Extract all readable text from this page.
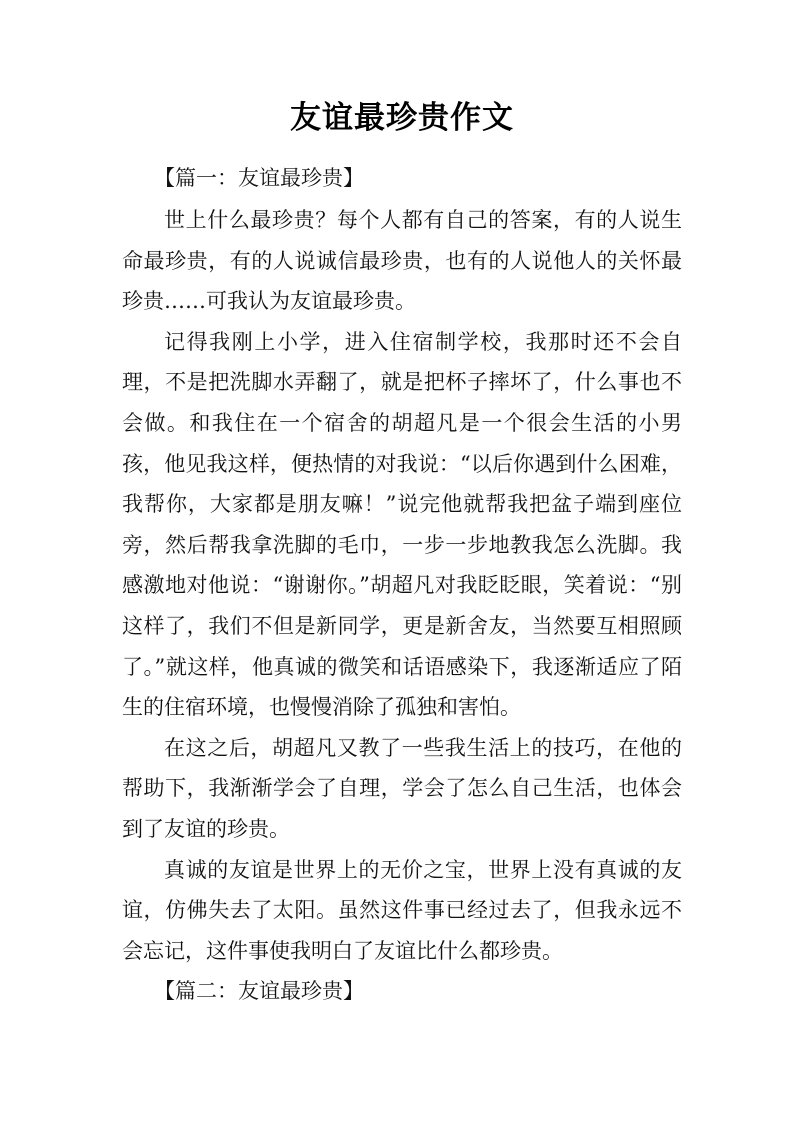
友谊最珍贵作文

【篇一：友谊最珍贵】

世上什么最珍贵？每个人都有自己的答案，有的人说生命最珍贵，有的人说诚信最珍贵，也有的人说他人的关怀最珍贵……可我认为友谊最珍贵。

记得我刚上小学，进入住宿制学校，我那时还不会自理，不是把洗脚水弄翻了，就是把杯子摔坏了，什么事也不会做。和我住在一个宿舍的胡超凡是一个很会生活的小男孩，他见我这样，便热情的对我说：“以后你遇到什么困难，我帮你，大家都是朋友嘛！”说完他就帮我把盆子端到座位旁，然后帮我拿洗脚的毛巾，一步一步地教我怎么洗脚。我感激地对他说：“谢谢你。”胡超凡对我眨眨眼，笑着说：“别这样了，我们不但是新同学，更是新舍友，当然要互相照顾了。”就这样，他真诚的微笑和话语感染下，我逐渐适应了陌生的住宿环境，也慢慢消除了孤独和害怕。

在这之后，胡超凡又教了一些我生活上的技巧，在他的帮助下，我渐渐学会了自理，学会了怎么自己生活，也体会到了友谊的珍贵。

真诚的友谊是世界上的无价之宝，世界上没有真诚的友谊，仿佛失去了太阳。虽然这件事已经过去了，但我永远不会忘记，这件事使我明白了友谊比什么都珍贵。

【篇二：友谊最珍贵】
